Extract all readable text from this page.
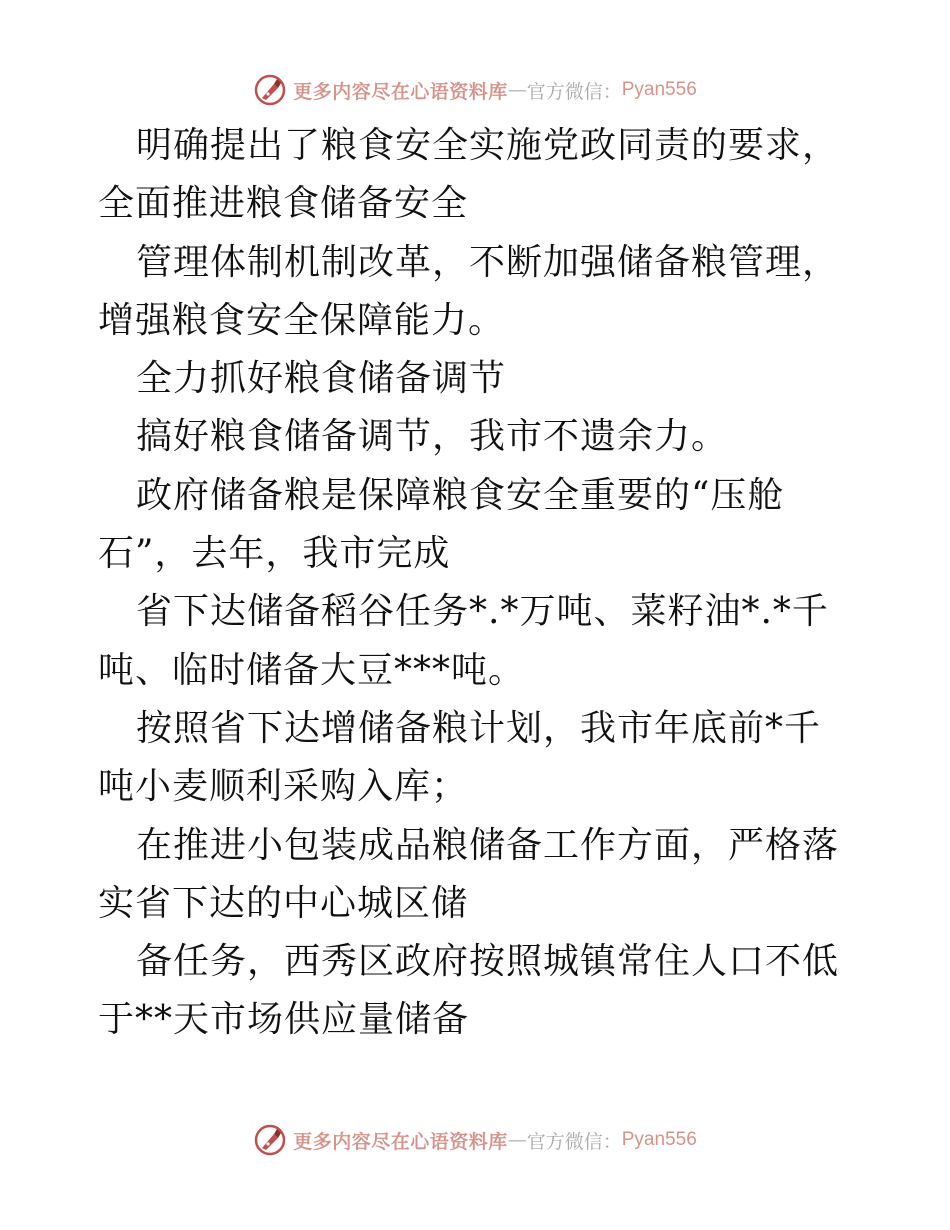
更多内容尽在心语资料库 — 官方微信： Pyan556

明确提出了粮食安全实施党政同责的要求，全面推进粮食储备安全

管理体制机制改革，不断加强储备粮管理，增强粮食安全保障能力。

全力抓好粮食储备调节

搞好粮食储备调节，我市不遗余力。

政府储备粮是保障粮食安全重要的“压舱石”，去年，我市完成

省下达储备稻谷任务*.*万吨、菜籽油*.*千吨、临时储备大豆***吨。

按照省下达增储备粮计划，我市年底前*千吨小麦顺利采购入库；

在推进小包装成品粮储备工作方面，严格落实省下达的中心城区储

备任务，西秀区政府按照城镇常住人口不低于**天市场供应量储备

更多内容尽在心语资料库 — 官方微信： Pyan556
